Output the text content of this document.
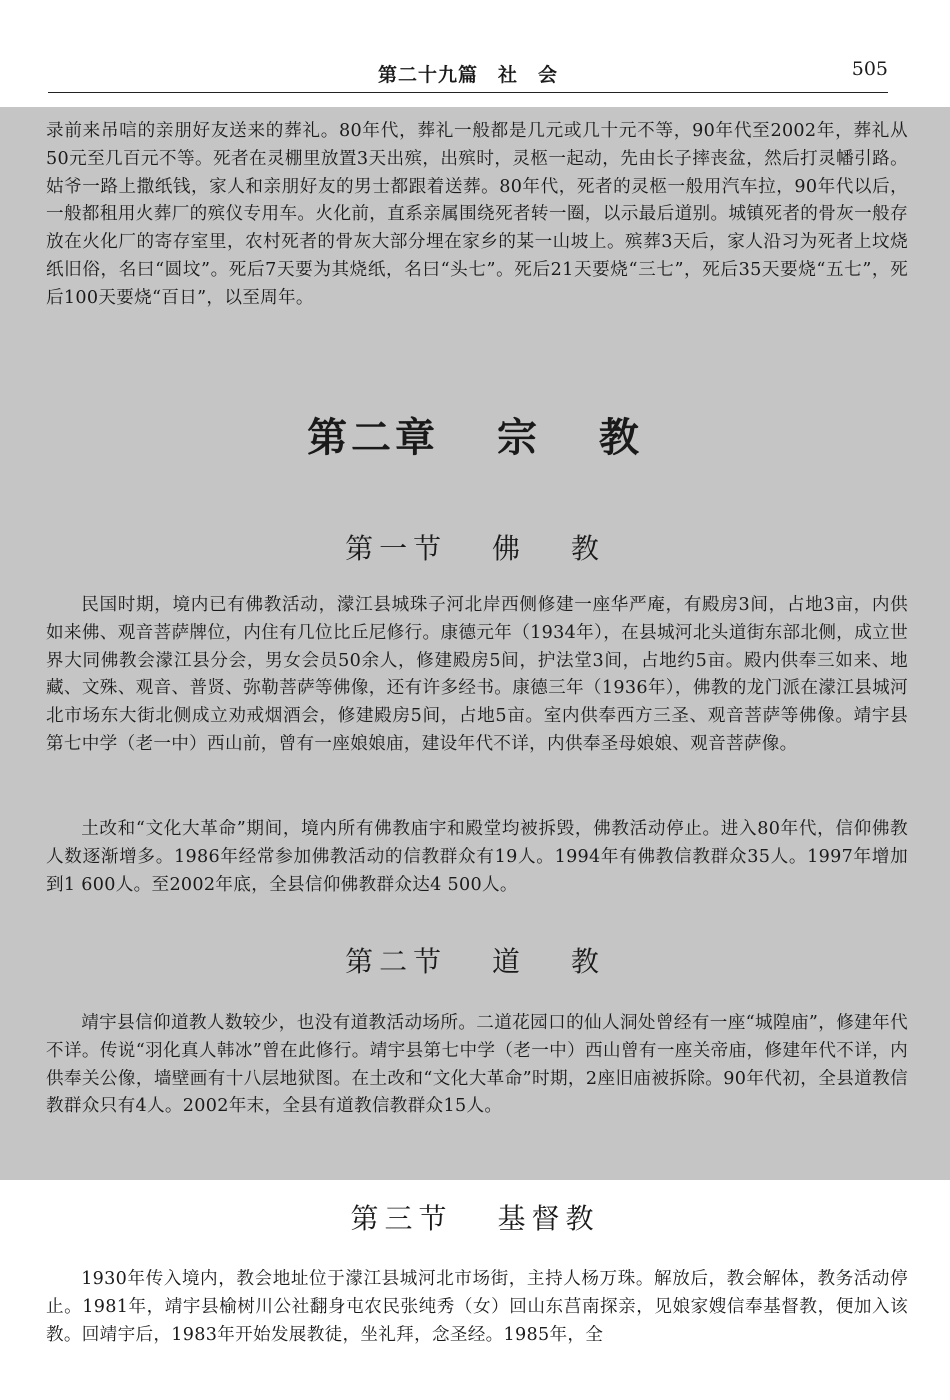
第二十九篇　社　会	505

录前来吊唁的亲朋好友送来的葬礼。80年代，葬礼一般都是几元或几十元不等，90年代至2002年，葬礼从50元至几百元不等。死者在灵棚里放置3天出殡，出殡时，灵柩一起动，先由长子摔丧盆，然后打灵幡引路。姑爷一路上撒纸钱，家人和亲朋好友的男士都跟着送葬。80年代，死者的灵柩一般用汽车拉，90年代以后，一般都租用火葬厂的殡仪专用车。火化前，直系亲属围绕死者转一圈，以示最后道别。城镇死者的骨灰一般存放在火化厂的寄存室里，农村死者的骨灰大部分埋在家乡的某一山坡上。殡葬3天后，家人沿习为死者上坟烧纸旧俗，名曰“圆坟”。死后7天要为其烧纸，名曰“头七”。死后21天要烧“三七”，死后35天要烧“五七”，死后100天要烧“百日”，以至周年。

第二章 宗 教
第一节 佛 教

民国时期，境内已有佛教活动，濛江县城珠子河北岸西侧修建一座华严庵，有殿房3间，占地3亩，内供如来佛、观音菩萨牌位，内住有几位比丘尼修行。康德元年（1934年），在县城河北头道街东部北侧，成立世界大同佛教会濛江县分会，男女会员50余人，修建殿房5间，护法堂3间，占地约5亩。殿内供奉三如来、地藏、文殊、观音、普贤、弥勒菩萨等佛像，还有许多经书。康德三年（1936年），佛教的龙门派在濛江县城河北市场东大街北侧成立劝戒烟酒会，修建殿房5间，占地5亩。室内供奉西方三圣、观音菩萨等佛像。靖宇县第七中学（老一中）西山前，曾有一座娘娘庙，建设年代不详，内供奉圣母娘娘、观音菩萨像。

土改和“文化大革命”期间，境内所有佛教庙宇和殿堂均被拆毁，佛教活动停止。进入80年代，信仰佛教人数逐渐增多。1986年经常参加佛教活动的信教群众有19人。1994年有佛教信教群众35人。1997年增加到1 600人。至2002年底，全县信仰佛教群众达4 500人。

第二节 道 教

靖宇县信仰道教人数较少，也没有道教活动场所。二道花园口的仙人洞处曾经有一座“城隍庙”，修建年代不详。传说“羽化真人韩冰”曾在此修行。靖宇县第七中学（老一中）西山曾有一座关帝庙，修建年代不详，内供奉关公像，墙壁画有十八层地狱图。在土改和“文化大革命”时期，2座旧庙被拆除。90年代初，全县道教信教群众只有4人。2002年末，全县有道教信教群众15人。

第三节 基督教

1930年传入境内，教会地址位于濛江县城河北市场街，主持人杨万珠。解放后，教会解体，教务活动停止。1981年，靖宇县榆树川公社翻身屯农民张纯秀（女）回山东莒南探亲，见娘家嫂信奉基督教，便加入该教。回靖宇后，1983年开始发展教徒，坐礼拜，念圣经。1985年，全
